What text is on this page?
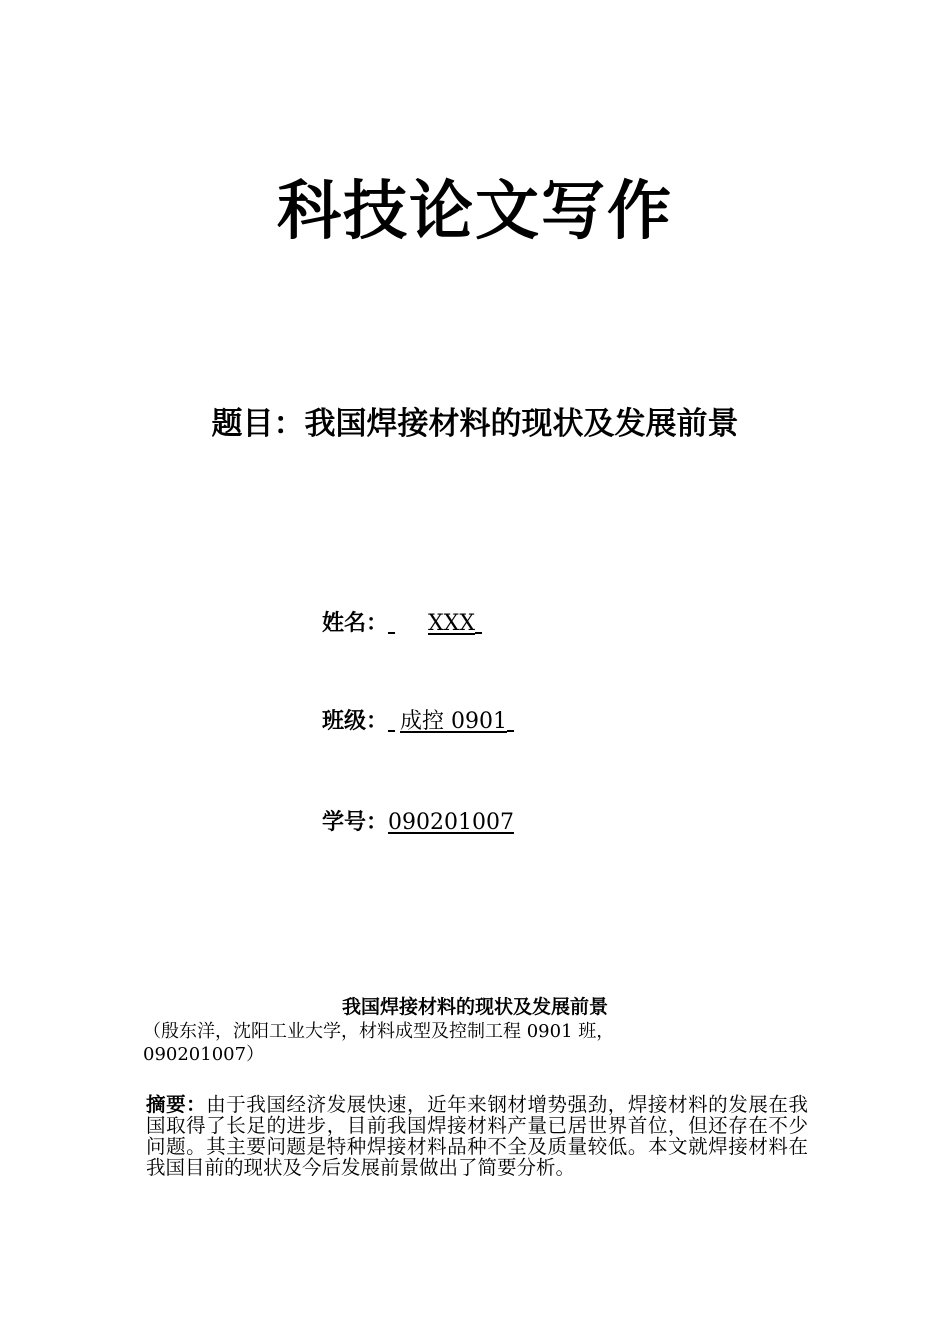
科技论文写作
题目：我国焊接材料的现状及发展前景
姓名： XXX
班级： 成控 0901
学号：090201007
我国焊接材料的现状及发展前景
（殷东洋，沈阳工业大学，材料成型及控制工程 0901 班，090201007）
摘要：由于我国经济发展快速，近年来钢材增势强劲，焊接材料的发展在我国取得了长足的进步，目前我国焊接材料产量已居世界首位，但还存在不少问题。其主要问题是特种焊接材料品种不全及质量较低。本文就焊接材料在我国目前的现状及今后发展前景做出了简要分析。
